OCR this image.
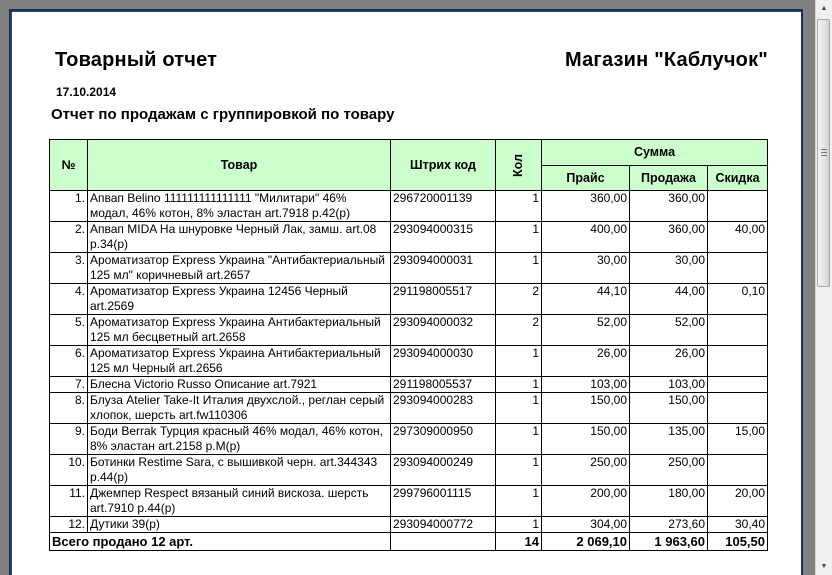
Товарный отчет	Магазин "Каблучок"
17.10.2014
Отчет по продажам с группировкой по товару
№	Товар	Штрих код	Кол	Сумма		
				Прайс	Продажа	Скидка
1.	Апвап Belino 111111111111111 "Милитари" 46% модал, 46% котон, 8% эластан art.7918 р.42(р)	296720001139	1	360,00	360,00	
2.	Апвап MIDA На шнуровке Черный Лак, замш. art.08 р.34(р)	293094000315	1	400,00	360,00	40,00
3.	Ароматизатор Express Украина "Антибактериальный 125 мл" коричневый art.2657	293094000031	1	30,00	30,00	
4.	Ароматизатор Express Украина 12456 Черный art.2569	291198005517	2	44,10	44,00	0,10
5.	Ароматизатор Express Украина Антибактериальный 125 мл бесцветный art.2658	293094000032	2	52,00	52,00	
6.	Ароматизатор Express Украина Антибактериальный 125 мл Черный art.2656	293094000030	1	26,00	26,00	
7.	Блесна Victorio Russo Описание art.7921	291198005537	1	103,00	103,00	
8.	Блуза Atelier Take-It Италия двухслой., реглан серый хлопок, шерсть art.fw110306	293094000283	1	150,00	150,00	
9.	Боди Berrak Турция красный 46% модал, 46% котон, 8% эластан art.2158 р.M(р)	297309000950	1	150,00	135,00	15,00
10.	Ботинки Restime Sara, с вышивкой черн. art.344343 р.44(р)	293094000249	1	250,00	250,00	
11.	Джемпер Respect вязаный синий вискоза. шерсть art.7910 р.44(р)	299796001115	1	200,00	180,00	20,00
12.	Дутики 39(р)	293094000772	1	304,00	273,60	30,40
Всего продано 12 арт.			14	2 069,10	1 963,60	105,50
▲
▼
